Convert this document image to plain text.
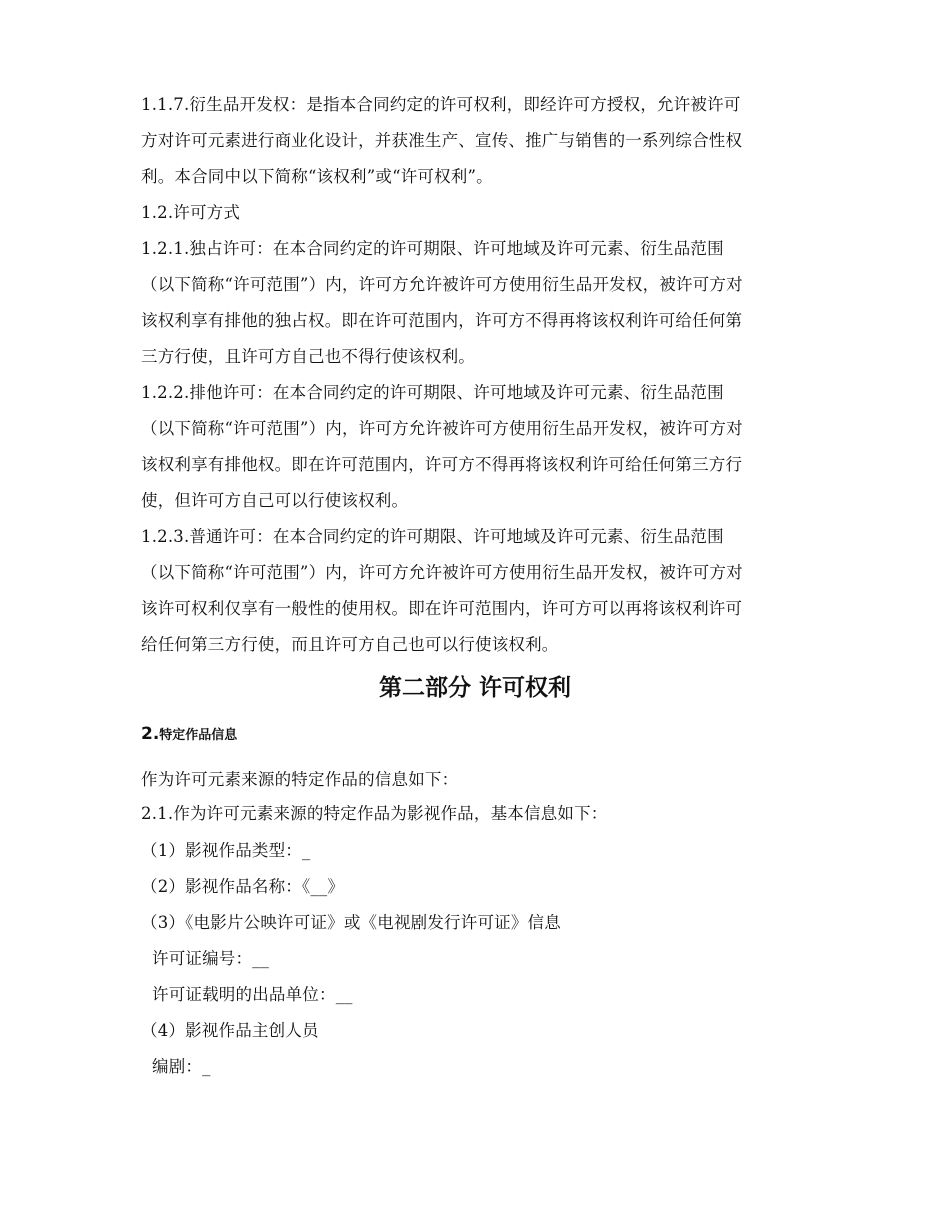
1.1.7.衍生品开发权：是指本合同约定的许可权利，即经许可方授权，允许被许可
方对许可元素进行商业化设计，并获准生产、宣传、推广与销售的一系列综合性权
利。本合同中以下简称“该权利”或“许可权利”。
1.2.许可方式
1.2.1.独占许可：在本合同约定的许可期限、许可地域及许可元素、衍生品范围
（以下简称“许可范围”）内，许可方允许被许可方使用衍生品开发权，被许可方对
该权利享有排他的独占权。即在许可范围内，许可方不得再将该权利许可给任何第
三方行使，且许可方自己也不得行使该权利。
1.2.2.排他许可：在本合同约定的许可期限、许可地域及许可元素、衍生品范围
（以下简称“许可范围”）内，许可方允许被许可方使用衍生品开发权，被许可方对
该权利享有排他权。即在许可范围内，许可方不得再将该权利许可给任何第三方行
使，但许可方自己可以行使该权利。
1.2.3.普通许可：在本合同约定的许可期限、许可地域及许可元素、衍生品范围
（以下简称“许可范围”）内，许可方允许被许可方使用衍生品开发权，被许可方对
该许可权利仅享有一般性的使用权。即在许可范围内，许可方可以再将该权利许可
给任何第三方行使，而且许可方自己也可以行使该权利。
第二部分 许可权利
2.特定作品信息
作为许可元素来源的特定作品的信息如下：
2.1.作为许可元素来源的特定作品为影视作品，基本信息如下：
（1）影视作品类型：_
（2）影视作品名称：《__》
（3）《电影片公映许可证》或《电视剧发行许可证》信息
许可证编号：__
许可证载明的出品单位：__
（4）影视作品主创人员
编剧：_
